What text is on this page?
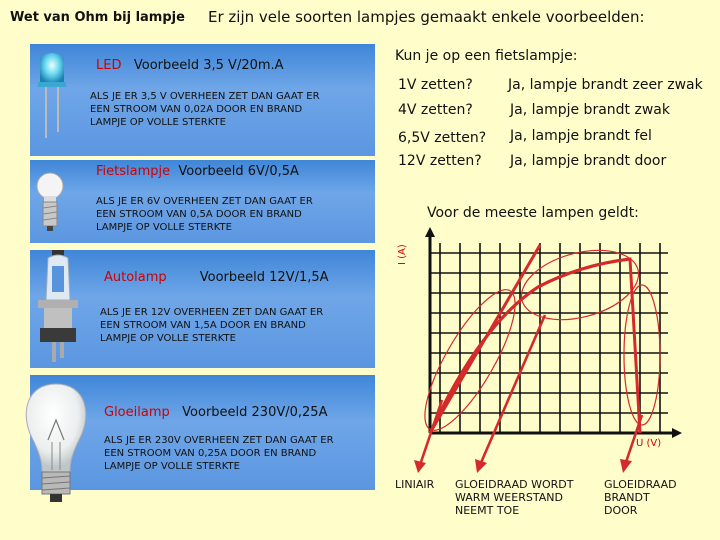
Wet van Ohm bij lampje Er zijn vele soorten lampjes gemaakt enkele voorbeelden:
LED Voorbeeld 3,5 V/20m.A
ALS JE ER 3,5 V OVERHEEN ZET DAN GAAT ER
EEN STROOM VAN 0,02A DOOR EN BRAND
LAMPJE OP VOLLE STERKTE
Fietslampje Voorbeeld 6V/0,5A
ALS JE ER 6V OVERHEEN ZET DAN GAAT ER
EEN STROOM VAN 0,5A DOOR EN BRAND
LAMPJE OP VOLLE STERKTE
Autolamp	Voorbeeld 12V/1,5A
ALS JE ER 12V OVERHEEN ZET DAN GAAT ER
EEN STROOM VAN 1,5A DOOR EN BRAND
LAMPJE OP VOLLE STERKTE
Gloeilamp Voorbeeld 230V/0,25A
ALS JE ER 230V OVERHEEN ZET DAN GAAT ER
EEN STROOM VAN 0,25A DOOR EN BRAND
LAMPJE OP VOLLE STERKTE
Kun je op een fietslampje:
1V zetten?	Ja, lampje brandt zeer zwak
4V zetten?	Ja, lampje brandt zwak
6,5V zetten? Ja, lampje brandt fel
12V zetten? Ja, lampje brandt door
Voor de meeste lampen geldt:
I (A)
U (V)
LINIAIR GLOEIDRAAD WORDT
WARM WEERSTAND
NEEMT TOE
GLOEIDRAAD
BRANDT
DOOR
